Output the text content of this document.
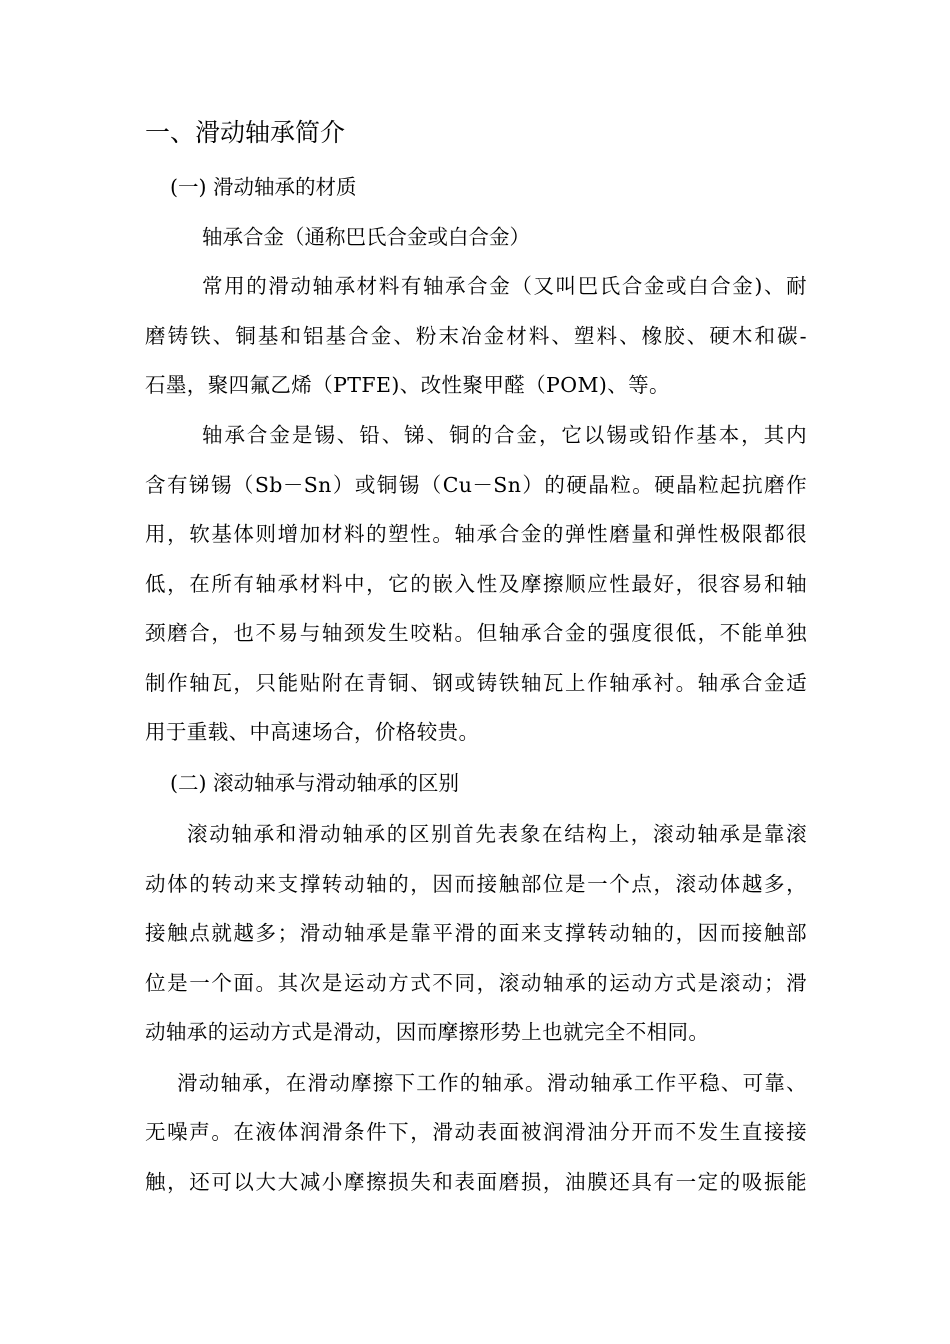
一、滑动轴承简介
(一) 滑动轴承的材质
轴承合金（通称巴氏合金或白合金）
常用的滑动轴承材料有轴承合金（又叫巴氏合金或白合金)、耐
磨铸铁、铜基和铝基合金、粉末冶金材料、塑料、橡胶、硬木和碳-
石墨，聚四氟乙烯（PTFE)、改性聚甲醛（POM)、等。
轴承合金是锡、铅、锑、铜的合金，它以锡或铅作基本，其内
含有锑锡（Sb－Sn）或铜锡（Cu－Sn）的硬晶粒。硬晶粒起抗磨作
用，软基体则增加材料的塑性。轴承合金的弹性磨量和弹性极限都很
低，在所有轴承材料中，它的嵌入性及摩擦顺应性最好，很容易和轴
颈磨合，也不易与轴颈发生咬粘。但轴承合金的强度很低，不能单独
制作轴瓦，只能贴附在青铜、钢或铸铁轴瓦上作轴承衬。轴承合金适
用于重载、中高速场合，价格较贵。
(二) 滚动轴承与滑动轴承的区别
滚动轴承和滑动轴承的区别首先表象在结构上，滚动轴承是靠滚
动体的转动来支撑转动轴的，因而接触部位是一个点，滚动体越多，
接触点就越多；滑动轴承是靠平滑的面来支撑转动轴的，因而接触部
位是一个面。其次是运动方式不同，滚动轴承的运动方式是滚动；滑
动轴承的运动方式是滑动，因而摩擦形势上也就完全不相同。
滑动轴承，在滑动摩擦下工作的轴承。滑动轴承工作平稳、可靠、
无噪声。在液体润滑条件下，滑动表面被润滑油分开而不发生直接接
触，还可以大大减小摩擦损失和表面磨损，油膜还具有一定的吸振能
